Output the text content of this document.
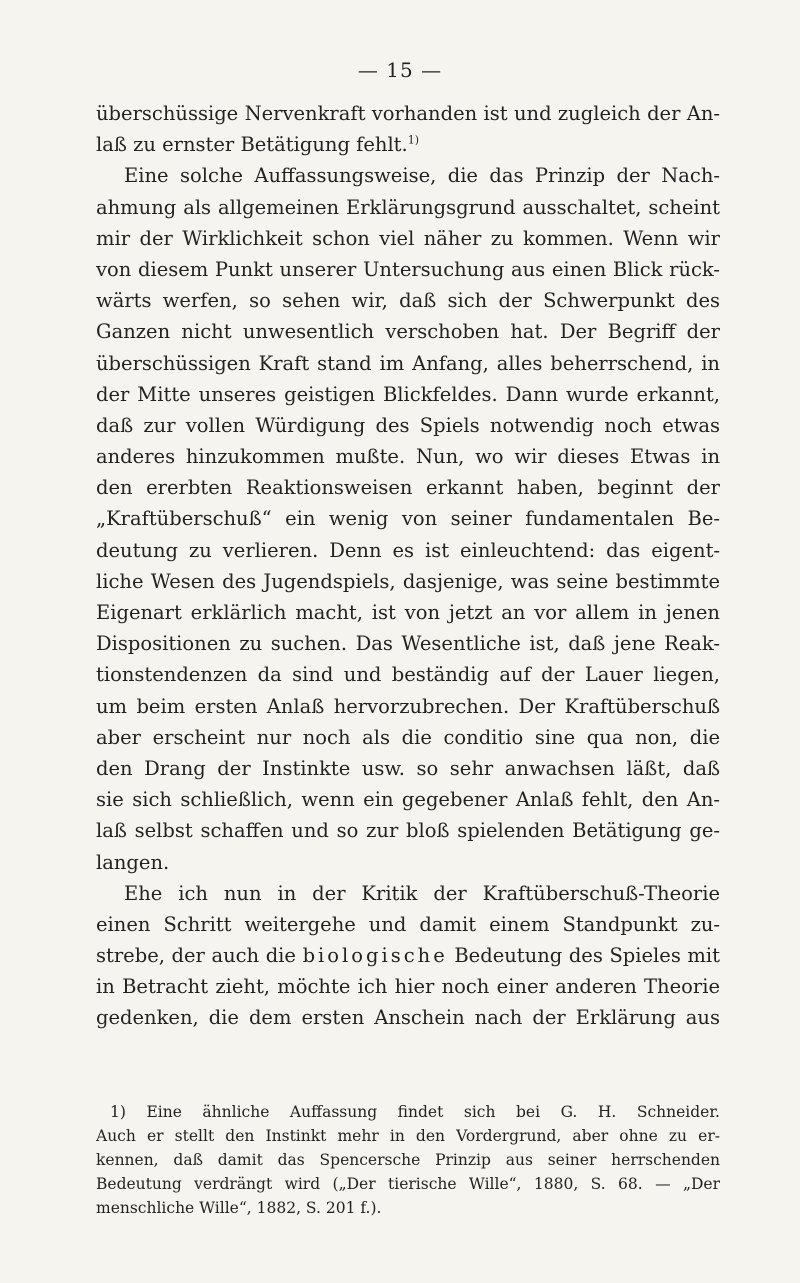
— 15 —
überschüssige Nervenkraft vorhanden ist und zugleich der An-
laß zu ernster Betätigung fehlt.$^{1)}$
Eine solche Auffassungsweise, die das Prinzip der Nach-
ahmung als allgemeinen Erklärungsgrund ausschaltet, scheint
mir der Wirklichkeit schon viel näher zu kommen. Wenn wir
von diesem Punkt unserer Untersuchung aus einen Blick rück-
wärts werfen, so sehen wir, daß sich der Schwerpunkt des
Ganzen nicht unwesentlich verschoben hat. Der Begriff der
überschüssigen Kraft stand im Anfang, alles beherrschend, in
der Mitte unseres geistigen Blickfeldes. Dann wurde erkannt,
daß zur vollen Würdigung des Spiels notwendig noch etwas
anderes hinzukommen mußte. Nun, wo wir dieses Etwas in
den ererbten Reaktionsweisen erkannt haben, beginnt der
„Kraftüberschuß“ ein wenig von seiner fundamentalen Be-
deutung zu verlieren. Denn es ist einleuchtend: das eigent-
liche Wesen des Jugendspiels, dasjenige, was seine bestimmte
Eigenart erklärlich macht, ist von jetzt an vor allem in jenen
Dispositionen zu suchen. Das Wesentliche ist, daß jene Reak-
tionstendenzen da sind und beständig auf der Lauer liegen,
um beim ersten Anlaß hervorzubrechen. Der Kraftüberschuß
aber erscheint nur noch als die conditio sine qua non, die
den Drang der Instinkte usw. so sehr anwachsen läßt, daß
sie sich schließlich, wenn ein gegebener Anlaß fehlt, den An-
laß selbst schaffen und so zur bloß spielenden Betätigung ge-
langen.
Ehe ich nun in der Kritik der Kraftüberschuß-Theorie
einen Schritt weitergehe und damit einem Standpunkt zu-
strebe, der auch die biologische Bedeutung des Spieles mit
in Betracht zieht, möchte ich hier noch einer anderen Theorie
gedenken, die dem ersten Anschein nach der Erklärung aus
1) Eine ähnliche Auffassung findet sich bei G. H. Schneider.
Auch er stellt den Instinkt mehr in den Vordergrund, aber ohne zu er-
kennen, daß damit das Spencersche Prinzip aus seiner herrschenden
Bedeutung verdrängt wird („Der tierische Wille“, 1880, S. 68. — „Der
menschliche Wille“, 1882, S. 201 f.).
